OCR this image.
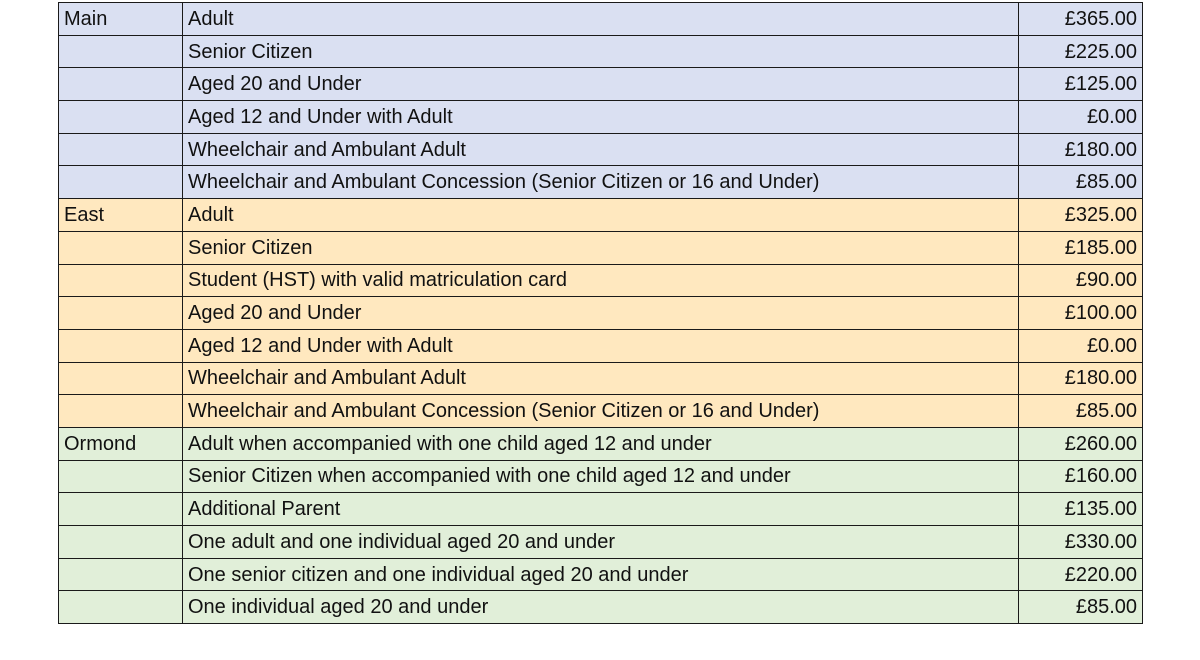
Main	Adult	£365.00
	Senior Citizen	£225.00
	Aged 20 and Under	£125.00
	Aged 12 and Under with Adult	£0.00
	Wheelchair and Ambulant Adult	£180.00
	Wheelchair and Ambulant Concession (Senior Citizen or 16 and Under)	£85.00
East	Adult	£325.00
	Senior Citizen	£185.00
	Student (HST) with valid matriculation card	£90.00
	Aged 20 and Under	£100.00
	Aged 12 and Under with Adult	£0.00
	Wheelchair and Ambulant Adult	£180.00
	Wheelchair and Ambulant Concession (Senior Citizen or 16 and Under)	£85.00
Ormond	Adult when accompanied with one child aged 12 and under	£260.00
	Senior Citizen when accompanied with one child aged 12 and under	£160.00
	Additional Parent	£135.00
	One adult and one individual aged 20 and under	£330.00
	One senior citizen and one individual aged 20 and under	£220.00
	One individual aged 20 and under	£85.00
